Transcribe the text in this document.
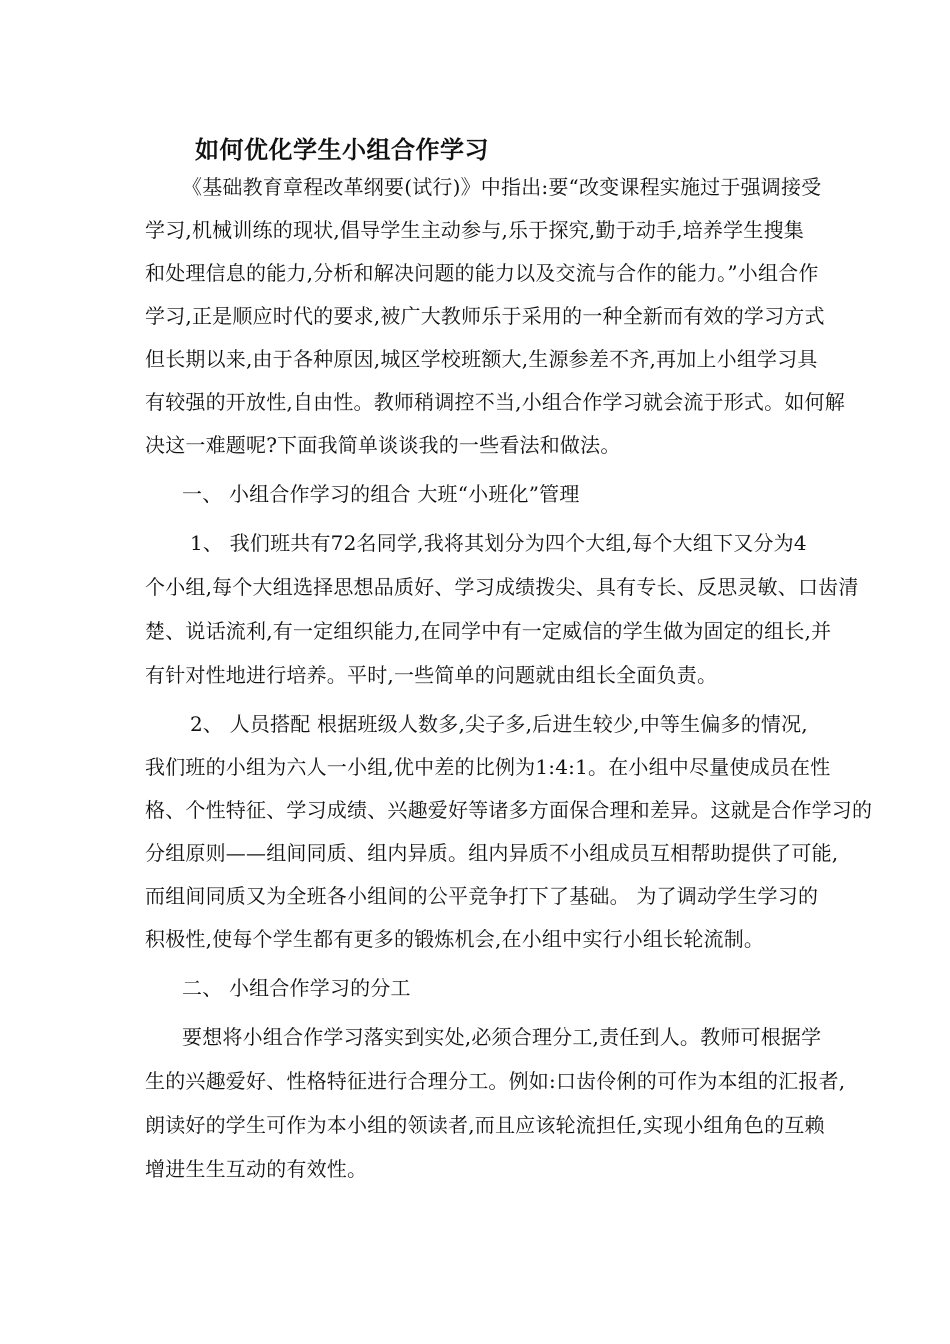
如何优化学生小组合作学习
《基础教育章程改革纲要(试行)》中指出:要“改变课程实施过于强调接受
学习,机械训练的现状,倡导学生主动参与,乐于探究,勤于动手,培养学生搜集
和处理信息的能力,分析和解决问题的能力以及交流与合作的能力。”小组合作
学习,正是顺应时代的要求,被广大教师乐于采用的一种全新而有效的学习方式
但长期以来,由于各种原因,城区学校班额大,生源参差不齐,再加上小组学习具
有较强的开放性,自由性。教师稍调控不当,小组合作学习就会流于形式。如何解
决这一难题呢?下面我简单谈谈我的一些看法和做法。
一、 小组合作学习的组合 大班“小班化”管理
1、 我们班共有72名同学,我将其划分为四个大组,每个大组下又分为4
个小组,每个大组选择思想品质好、学习成绩拨尖、具有专长、反思灵敏、口齿清
楚、说话流利,有一定组织能力,在同学中有一定威信的学生做为固定的组长,并
有针对性地进行培养。平时,一些简单的问题就由组长全面负责。
2、 人员搭配 根据班级人数多,尖子多,后进生较少,中等生偏多的情况,
我们班的小组为六人一小组,优中差的比例为1:4:1。在小组中尽量使成员在性
格、个性特征、学习成绩、兴趣爱好等诸多方面保合理和差异。这就是合作学习的
分组原则——组间同质、组内异质。组内异质不小组成员互相帮助提供了可能,
而组间同质又为全班各小组间的公平竞争打下了基础。 为了调动学生学习的
积极性,使每个学生都有更多的锻炼机会,在小组中实行小组长轮流制。
二、 小组合作学习的分工
要想将小组合作学习落实到实处,必须合理分工,责任到人。教师可根据学
生的兴趣爱好、性格特征进行合理分工。例如:口齿伶俐的可作为本组的汇报者,
朗读好的学生可作为本小组的领读者,而且应该轮流担任,实现小组角色的互赖
增进生生互动的有效性。
